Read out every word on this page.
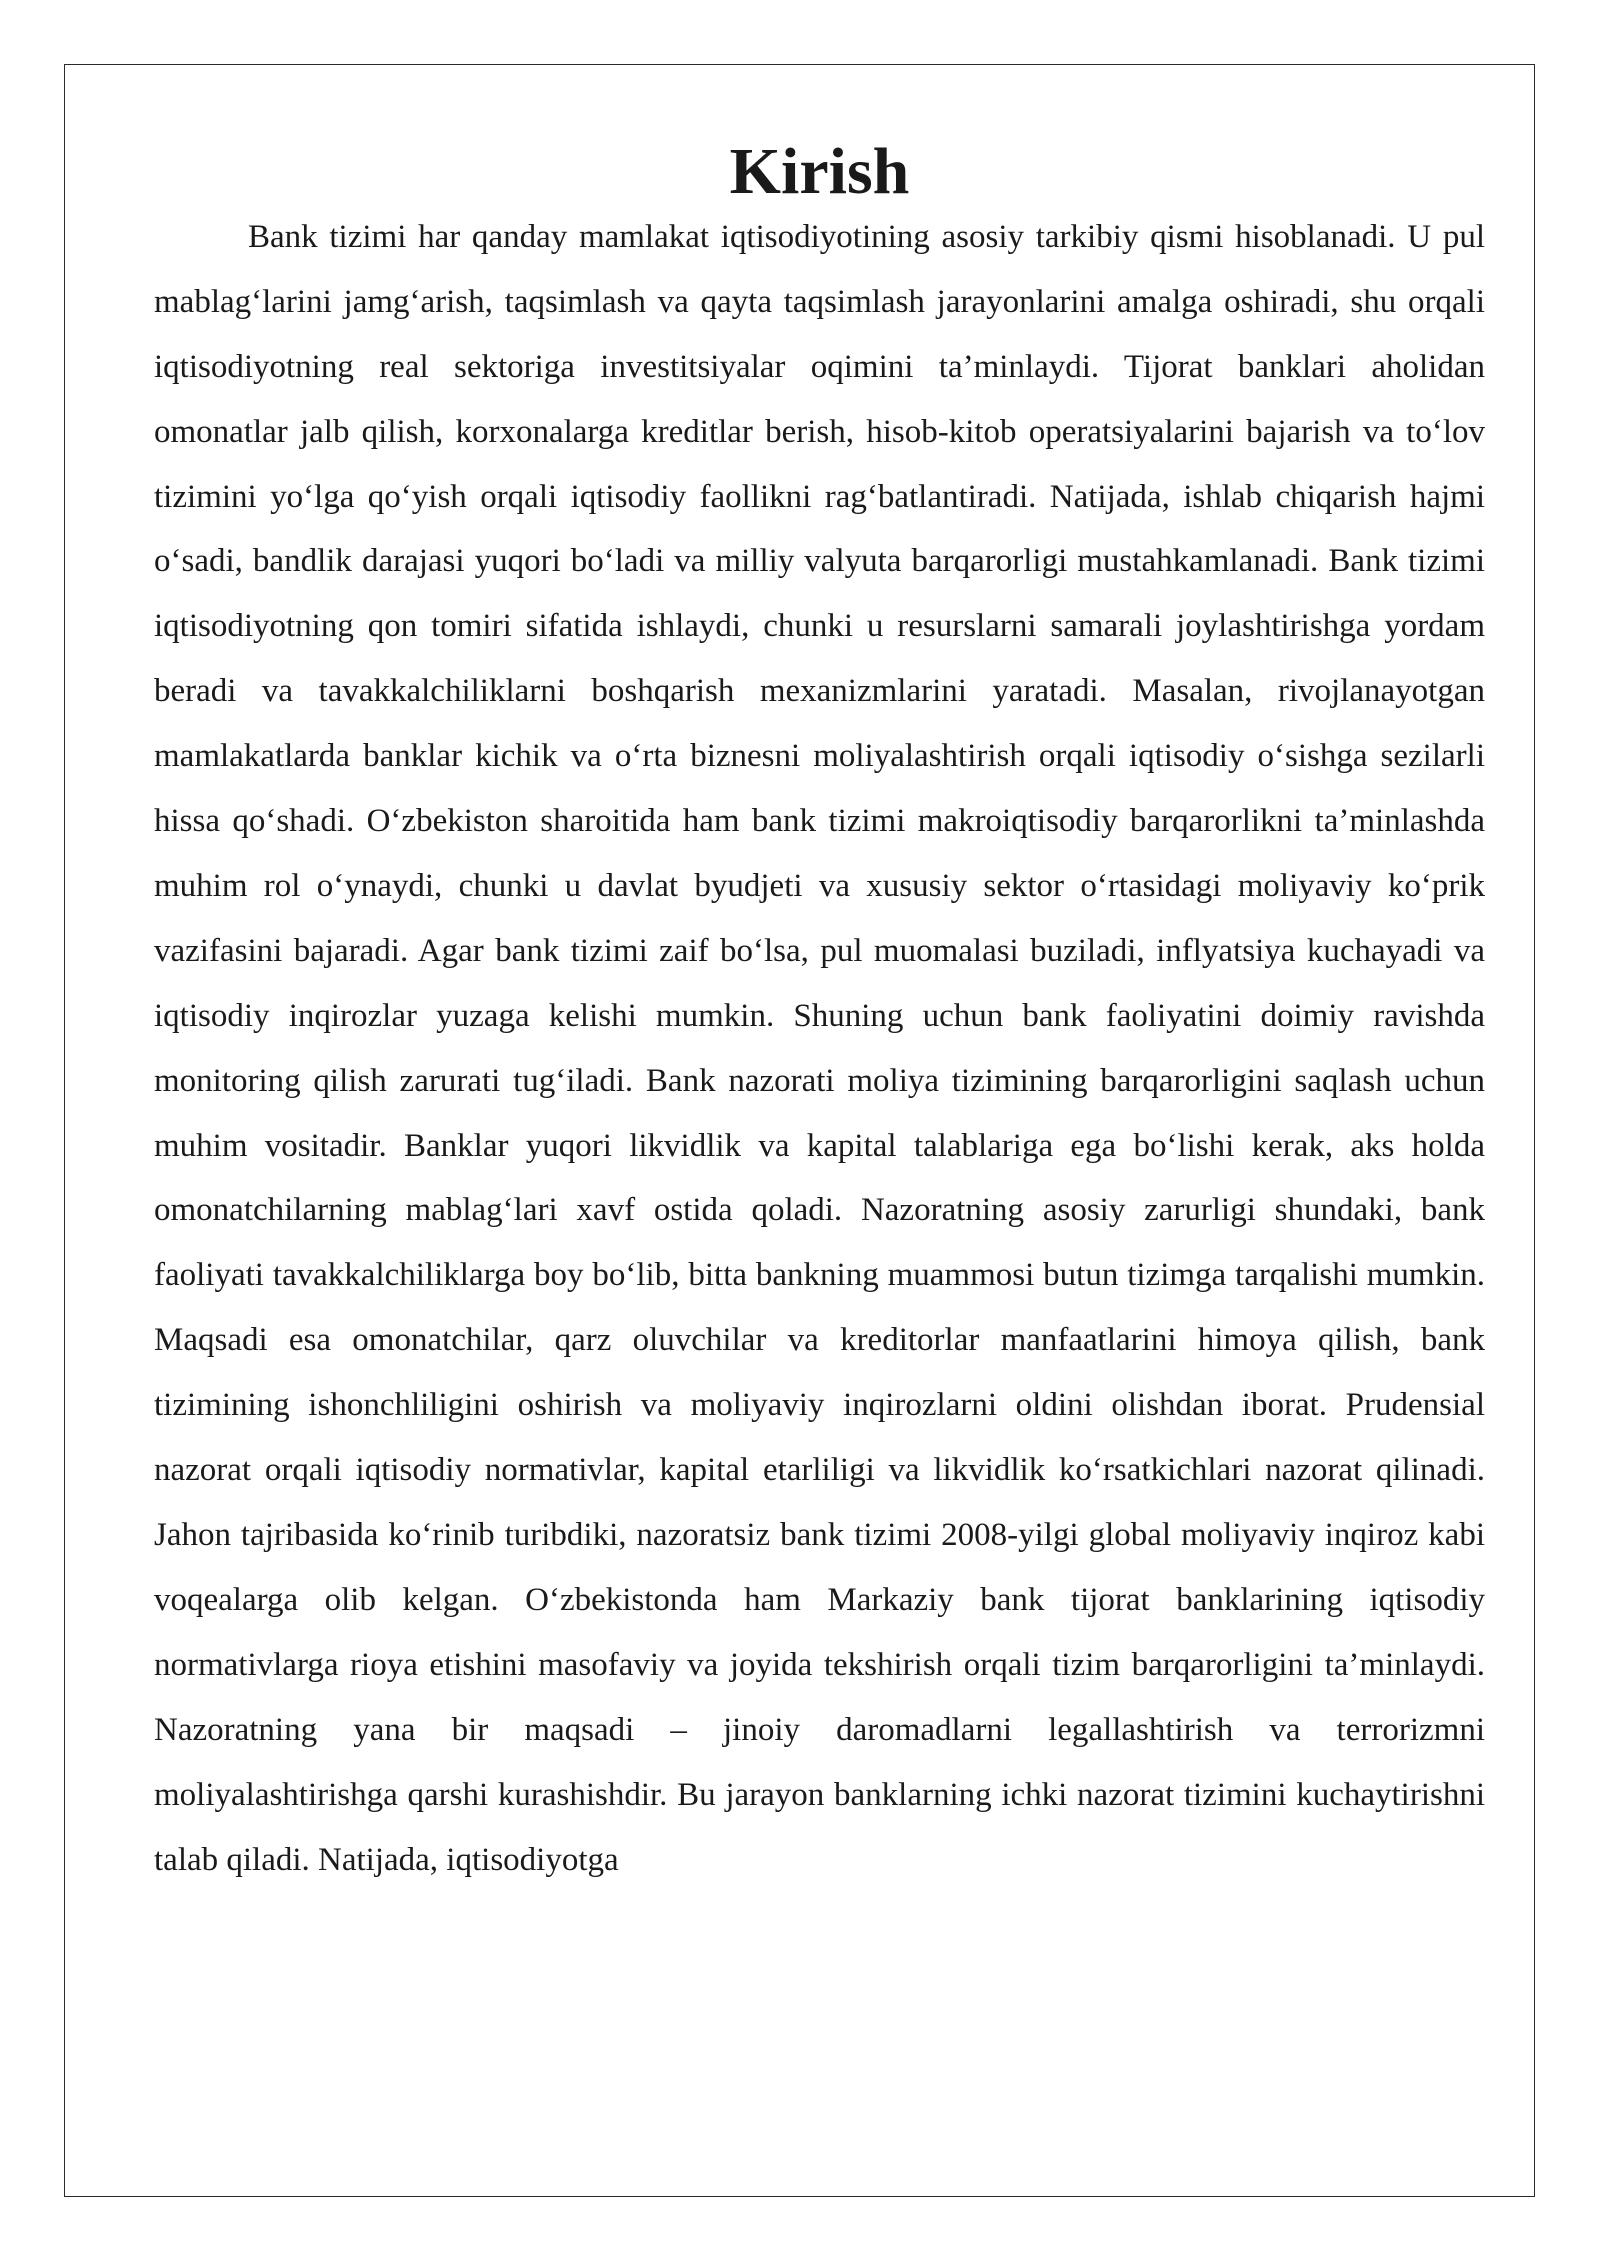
Kirish

Bank tizimi har qanday mamlakat iqtisodiyotining asosiy tarkibiy qismi hisoblanadi. U pul mablag‘larini jamg‘arish, taqsimlash va qayta taqsimlash jarayonlarini amalga oshiradi, shu orqali iqtisodiyotning real sektoriga investitsiyalar oqimini ta’minlaydi. Tijorat banklari aholidan omonatlar jalb qilish, korxonalarga kreditlar berish, hisob-kitob operatsiyalarini bajarish va to‘lov tizimini yo‘lga qo‘yish orqali iqtisodiy faollikni rag‘batlantiradi. Natijada, ishlab chiqarish hajmi o‘sadi, bandlik darajasi yuqori bo‘ladi va milliy valyuta barqarorligi mustahkamlanadi. Bank tizimi iqtisodiyotning qon tomiri sifatida ishlaydi, chunki u resurslarni samarali joylashtirishga yordam beradi va tavakkalchiliklarni boshqarish mexanizmlarini yaratadi. Masalan, rivojlanayotgan mamlakatlarda banklar kichik va o‘rta biznesni moliyalashtirish orqali iqtisodiy o‘sishga sezilarli hissa qo‘shadi. O‘zbekiston sharoitida ham bank tizimi makroiqtisodiy barqarorlikni ta’minlashda muhim rol o‘ynaydi, chunki u davlat byudjeti va xususiy sektor o‘rtasidagi moliyaviy ko‘prik vazifasini bajaradi. Agar bank tizimi zaif bo‘lsa, pul muomalasi buziladi, inflyatsiya kuchayadi va iqtisodiy inqirozlar yuzaga kelishi mumkin. Shuning uchun bank faoliyatini doimiy ravishda monitoring qilish zarurati tug‘iladi. Bank nazorati moliya tizimining barqarorligini saqlash uchun muhim vositadir. Banklar yuqori likvidlik va kapital talablariga ega bo‘lishi kerak, aks holda omonatchilarning mablag‘lari xavf ostida qoladi. Nazoratning asosiy zarurligi shundaki, bank faoliyati tavakkalchiliklarga boy bo‘lib, bitta bankning muammosi butun tizimga tarqalishi mumkin. Maqsadi esa omonatchilar, qarz oluvchilar va kreditorlar manfaatlarini himoya qilish, bank tizimining ishonchliligini oshirish va moliyaviy inqirozlarni oldini olishdan iborat. Prudensial nazorat orqali iqtisodiy normativlar, kapital etarliligi va likvidlik ko‘rsatkichlari nazorat qilinadi. Jahon tajribasida ko‘rinib turibdiki, nazoratsiz bank tizimi 2008-yilgi global moliyaviy inqiroz kabi voqealarga olib kelgan. O‘zbekistonda ham Markaziy bank tijorat banklarining iqtisodiy normativlarga rioya etishini masofaviy va joyida tekshirish orqali tizim barqarorligini ta’minlaydi. Nazoratning yana bir maqsadi – jinoiy daromadlarni legallashtirish va terrorizmni moliyalashtirishga qarshi kurashishdir. Bu jarayon banklarning ichki nazorat tizimini kuchaytirishni talab qiladi. Natijada, iqtisodiyotga
